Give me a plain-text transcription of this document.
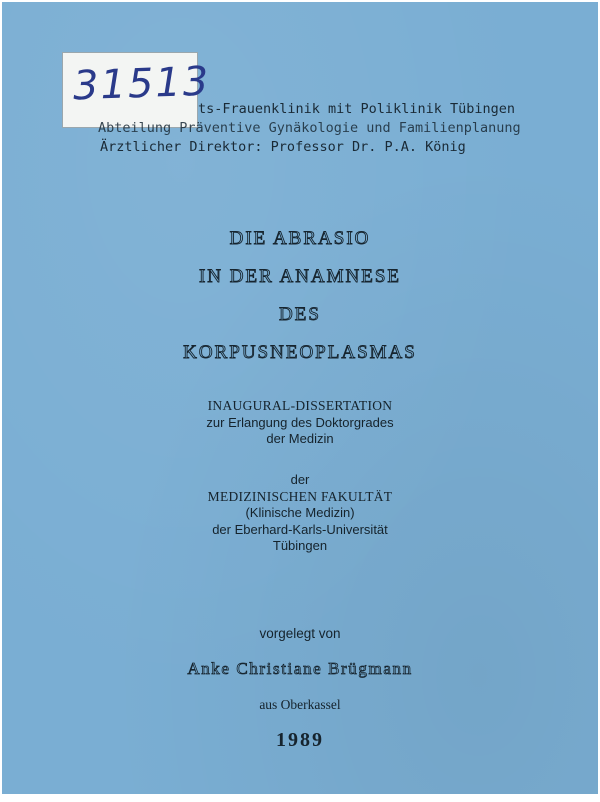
31513
ts-Frauenklinik mit Poliklinik Tübingen
Abteilung Präventive Gynäkologie und Familienplanung
Ärztlicher Direktor: Professor Dr. P.A. König
DIE ABRASIO
IN DER ANAMNESE
DES
KORPUSNEOPLASMAS
INAUGURAL-DISSERTATION
zur Erlangung des Doktorgrades
der Medizin
der
MEDIZINISCHEN FAKULTÄT
(Klinische Medizin)
der Eberhard-Karls-Universität
Tübingen
vorgelegt von
Anke Christiane Brügmann
aus Oberkassel
1989
